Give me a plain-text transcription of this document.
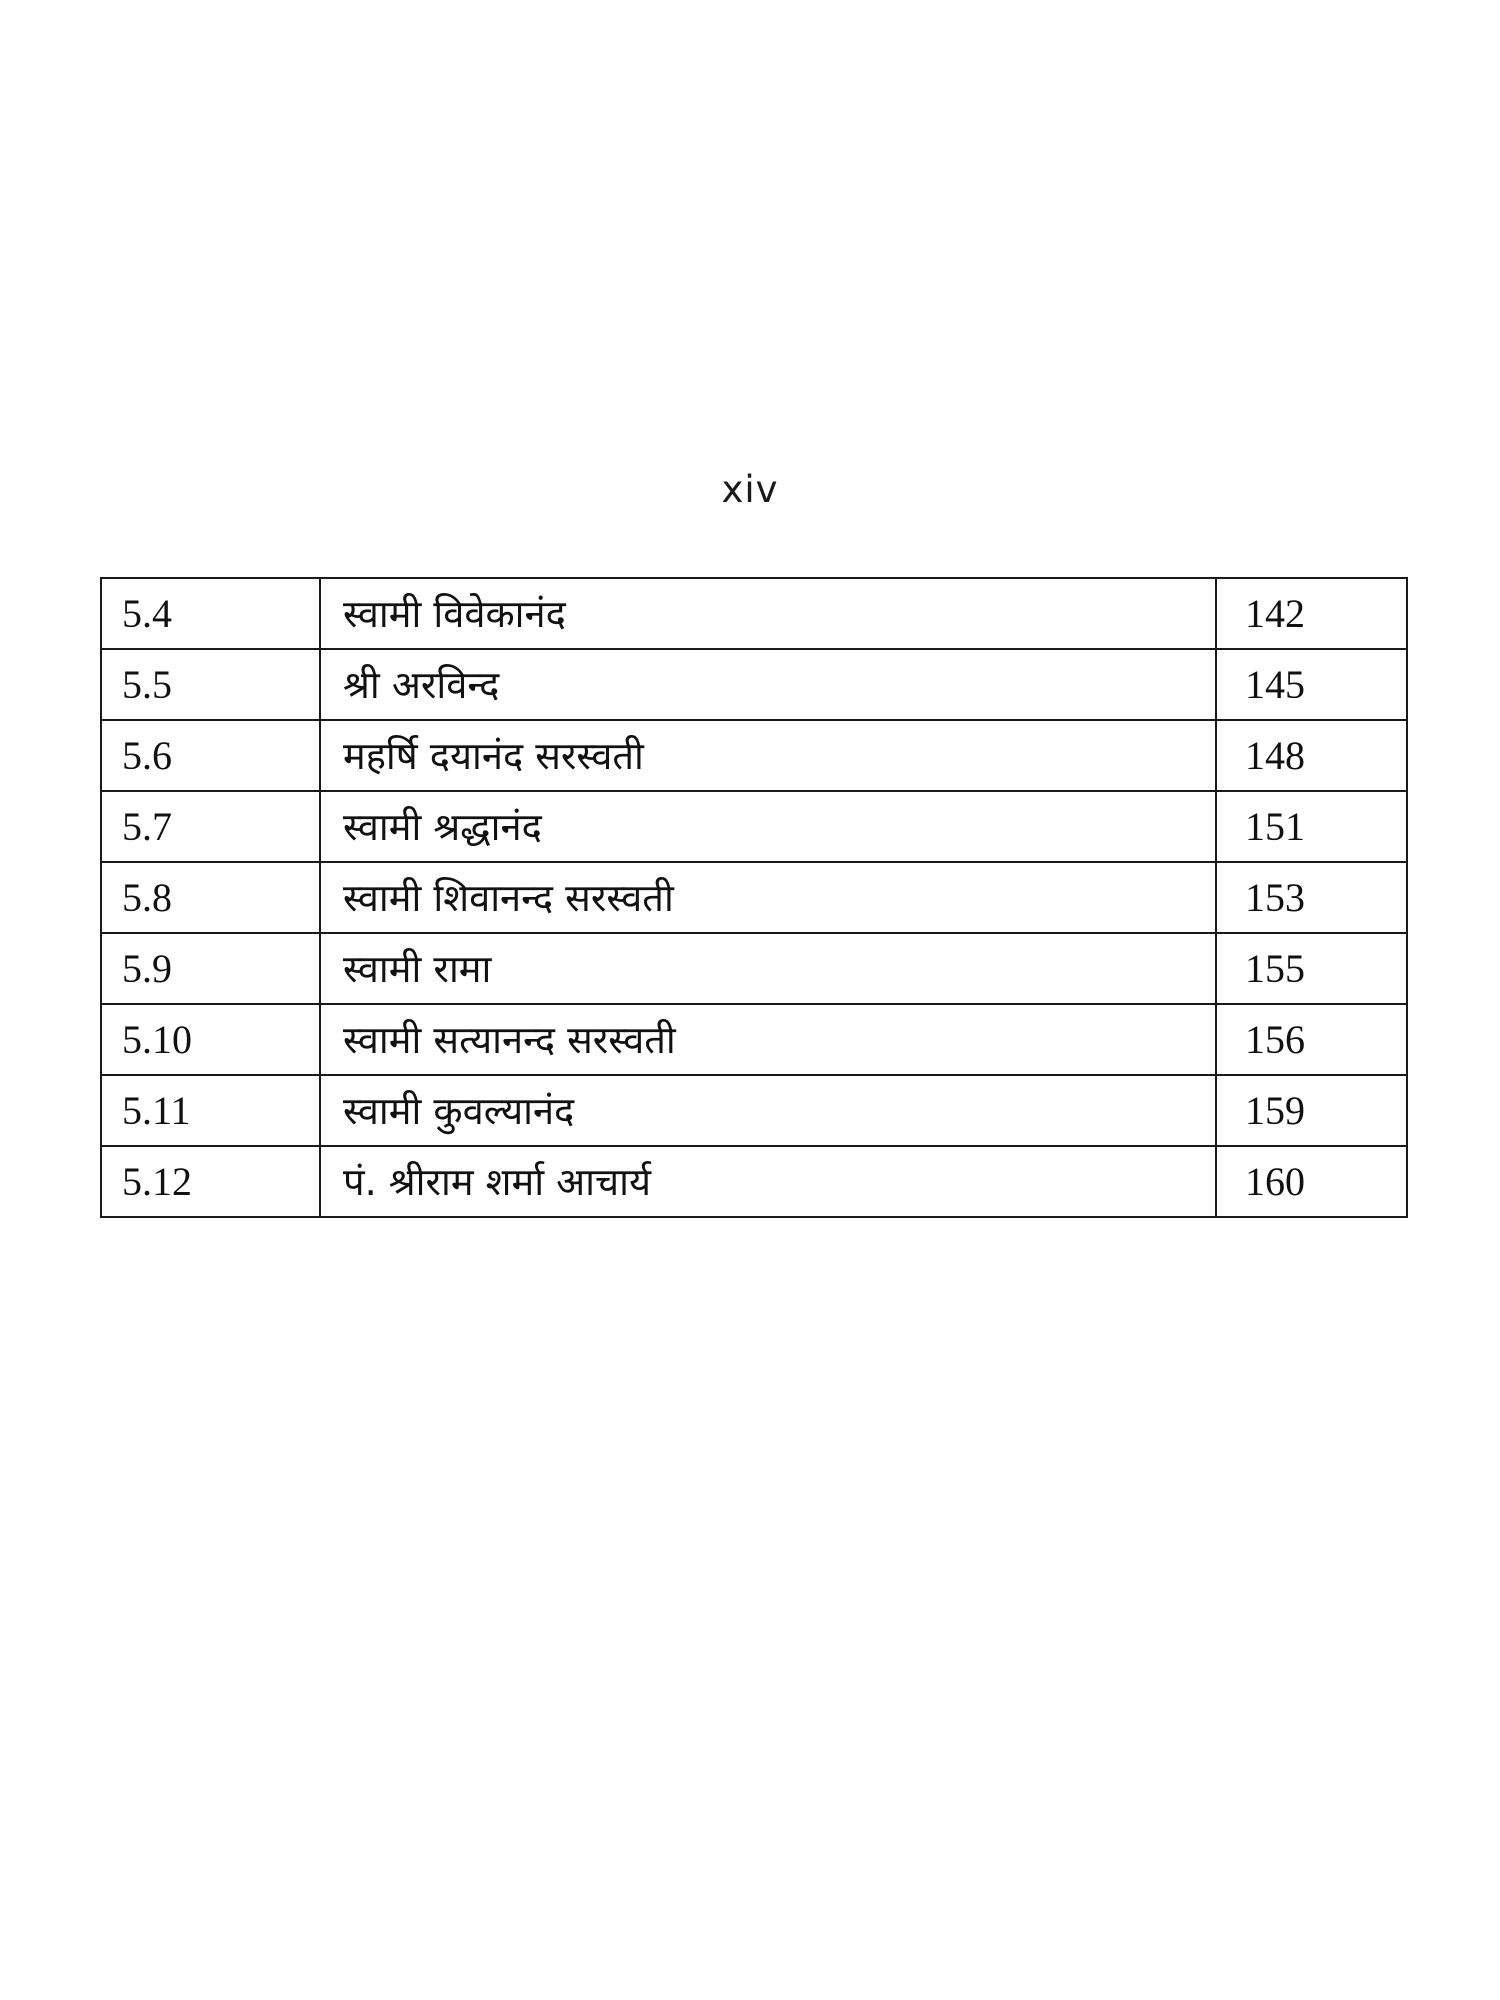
xiv
5.4	स्वामी विवेकानंद	142
5.5	श्री अरविन्द	145
5.6	महर्षि दयानंद सरस्वती	148
5.7	स्वामी श्रद्धानंद	151
5.8	स्वामी शिवानन्द सरस्वती	153
5.9	स्वामी रामा	155
5.10	स्वामी सत्यानन्द सरस्वती	156
5.11	स्वामी कुवल्यानंद	159
5.12	पं. श्रीराम शर्मा आचार्य	160
